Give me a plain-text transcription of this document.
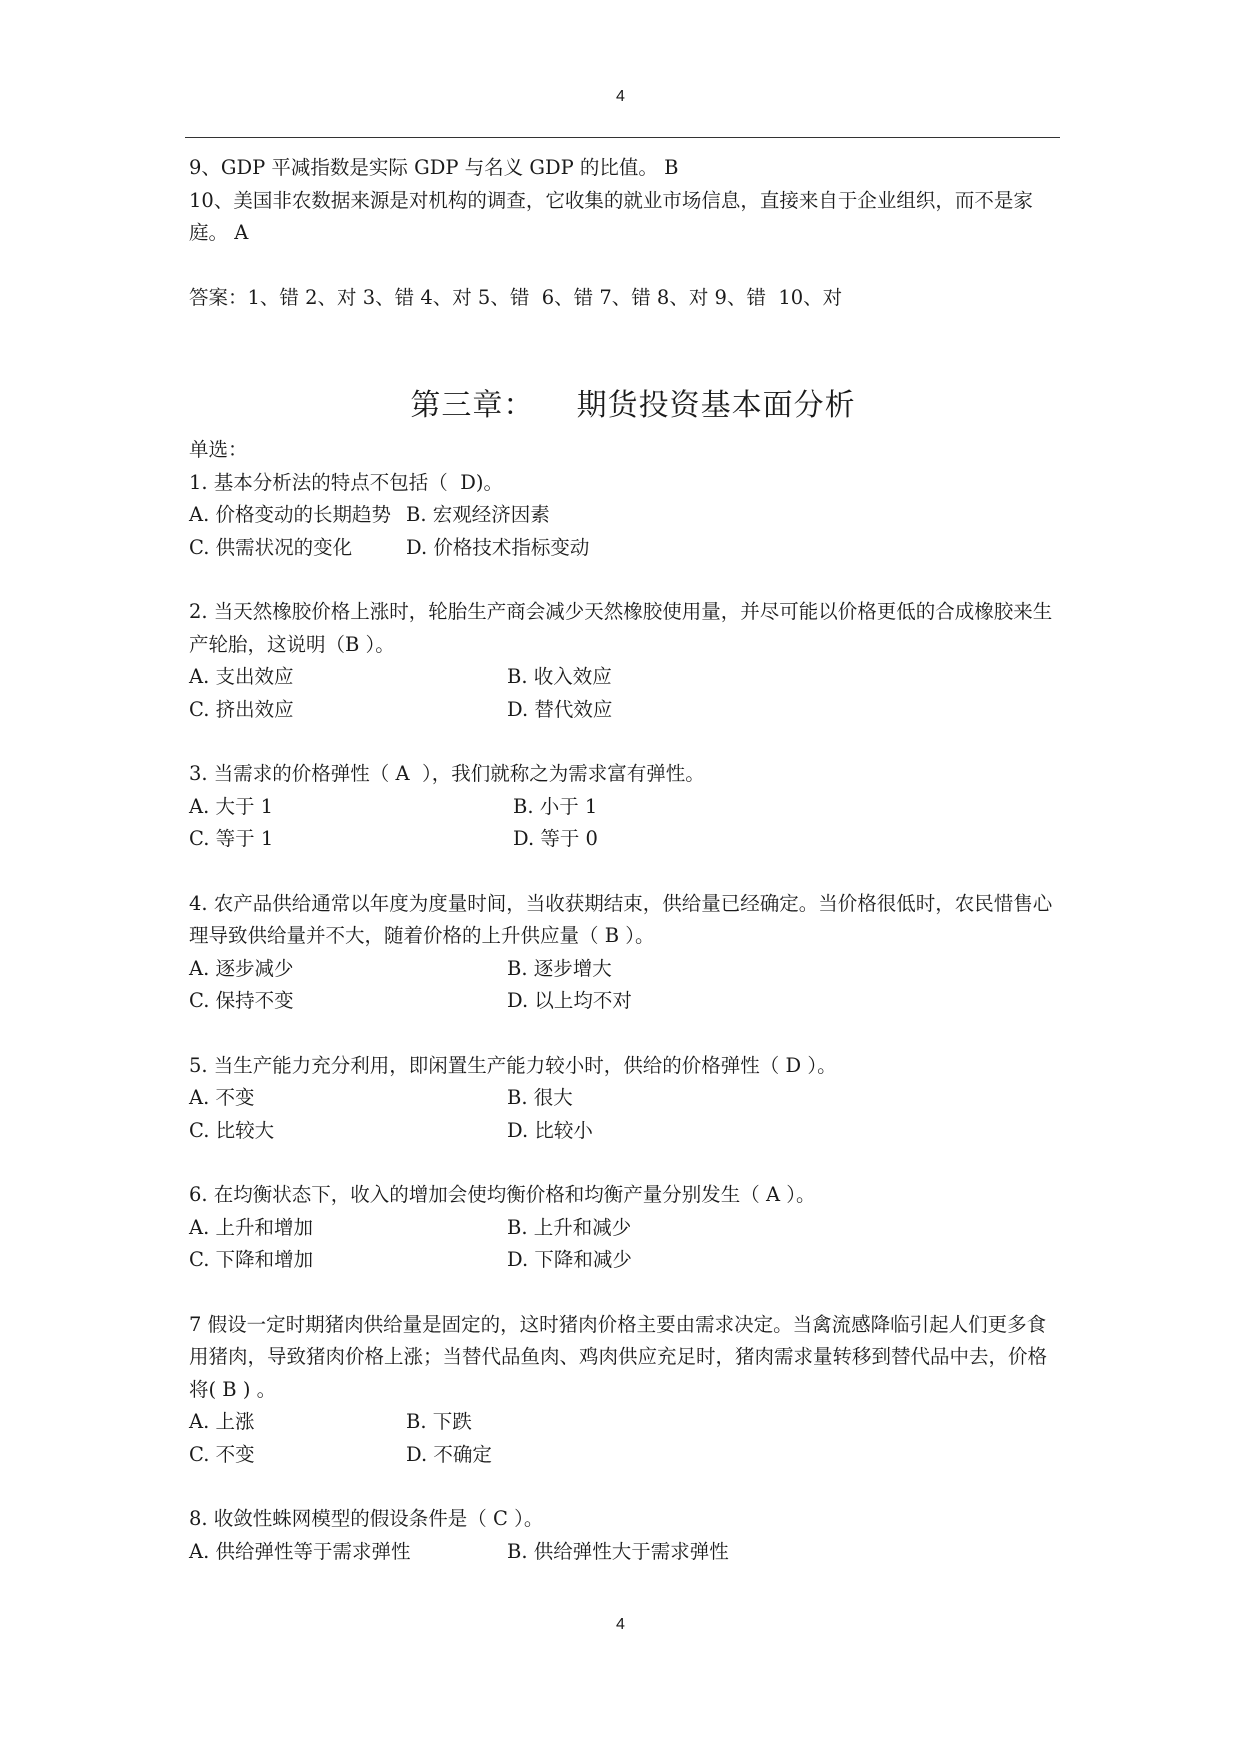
4
9、GDP 平减指数是实际 GDP 与名义 GDP 的比值。 B
10、美国非农数据来源是对机构的调查，它收集的就业市场信息，直接来自于企业组织，而不是家庭。 A
答案：1、错 2、对 3、错 4、对 5、错  6、错 7、错 8、对 9、错  10、对
第三章：    期货投资基本面分析
单选：
1. 基本分析法的特点不包括（  D)。
A. 价格变动的长期趋势 B. 宏观经济因素
C. 供需状况的变化	D. 价格技术指标变动
2. 当天然橡胶价格上涨时，轮胎生产商会减少天然橡胶使用量，并尽可能以价格更低的合成橡胶来生产轮胎，这说明（B ）。
A. 支出效应	B. 收入效应
C. 挤出效应	D. 替代效应
3. 当需求的价格弹性（ A  ），我们就称之为需求富有弹性。
A. 大于 1	B. 小于 1
C. 等于 1	D. 等于 0
4. 农产品供给通常以年度为度量时间，当收获期结束，供给量已经确定。当价格很低时，农民惜售心理导致供给量并不大，随着价格的上升供应量（ B ）。
A. 逐步减少	B. 逐步增大
C. 保持不变	D. 以上均不对
5. 当生产能力充分利用，即闲置生产能力较小时，供给的价格弹性（ D ）。
A. 不变	B. 很大
C. 比较大	D. 比较小
6. 在均衡状态下，收入的增加会使均衡价格和均衡产量分别发生（ A ）。
A. 上升和增加	B. 上升和减少
C. 下降和增加	D. 下降和减少
7 假设一定时期猪肉供给量是固定的，这时猪肉价格主要由需求决定。当禽流感降临引起人们更多食用猪肉，导致猪肉价格上涨；当替代品鱼肉、鸡肉供应充足时，猪肉需求量转移到替代品中去，价格将( B ) 。
A. 上涨	B. 下跌
C. 不变	D. 不确定
8. 收敛性蛛网模型的假设条件是（ C ）。
A. 供给弹性等于需求弹性	B. 供给弹性大于需求弹性
4
